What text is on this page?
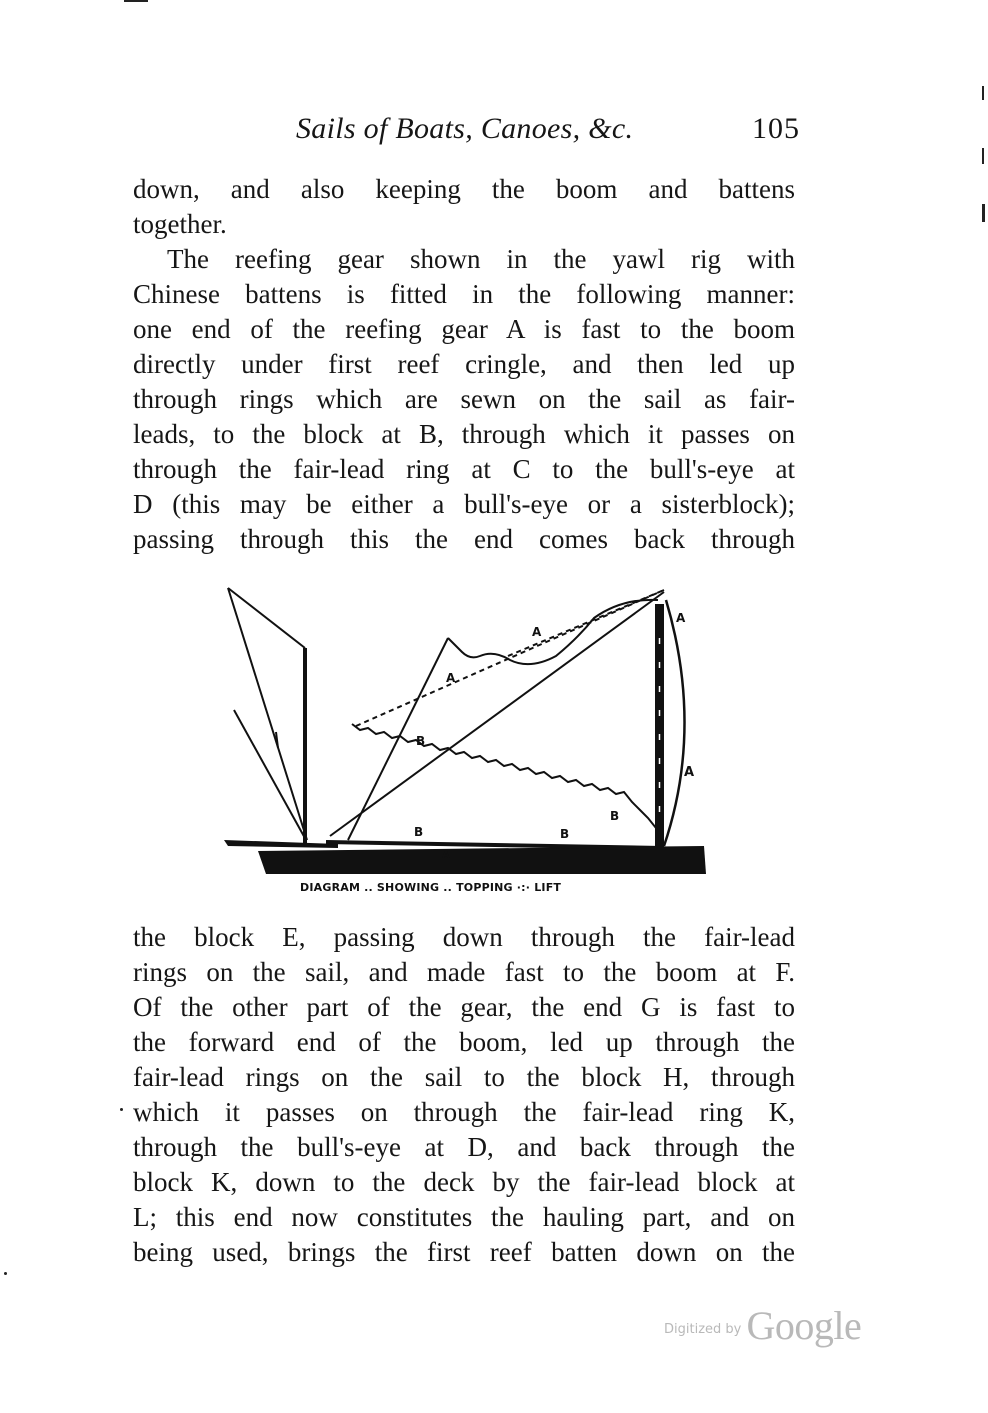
Sails of Boats, Canoes, &c.	105
down, and also keeping the boom and battens
together.
The reefing gear shown in the yawl rig with
Chinese battens is fitted in the following manner:
one end of the reefing gear A is fast to the boom
directly under first reef cringle, and then led up
through rings which are sewn on the sail as fair-
leads, to the block at B, through which it passes on
through the fair-lead ring at C to the bull's-eye at
D (this may be either a bull's-eye or a sisterblock);
passing through this the end comes back through
A
A
A
A
A
B
B	B
B
DIAGRAM .. SHOWING .. TOPPING ·:· LIFT
the block E, passing down through the fair-lead
rings on the sail, and made fast to the boom at F.
Of the other part of the gear, the end G is fast to
the forward end of the boom, led up through the
fair-lead rings on the sail to the block H, through
which it passes on through the fair-lead ring K,
through the bull's-eye at D, and back through the
block K, down to the deck by the fair-lead block at
L; this end now constitutes the hauling part, and on
being used, brings the first reef batten down on the
$^{Digitized by}$ Google
